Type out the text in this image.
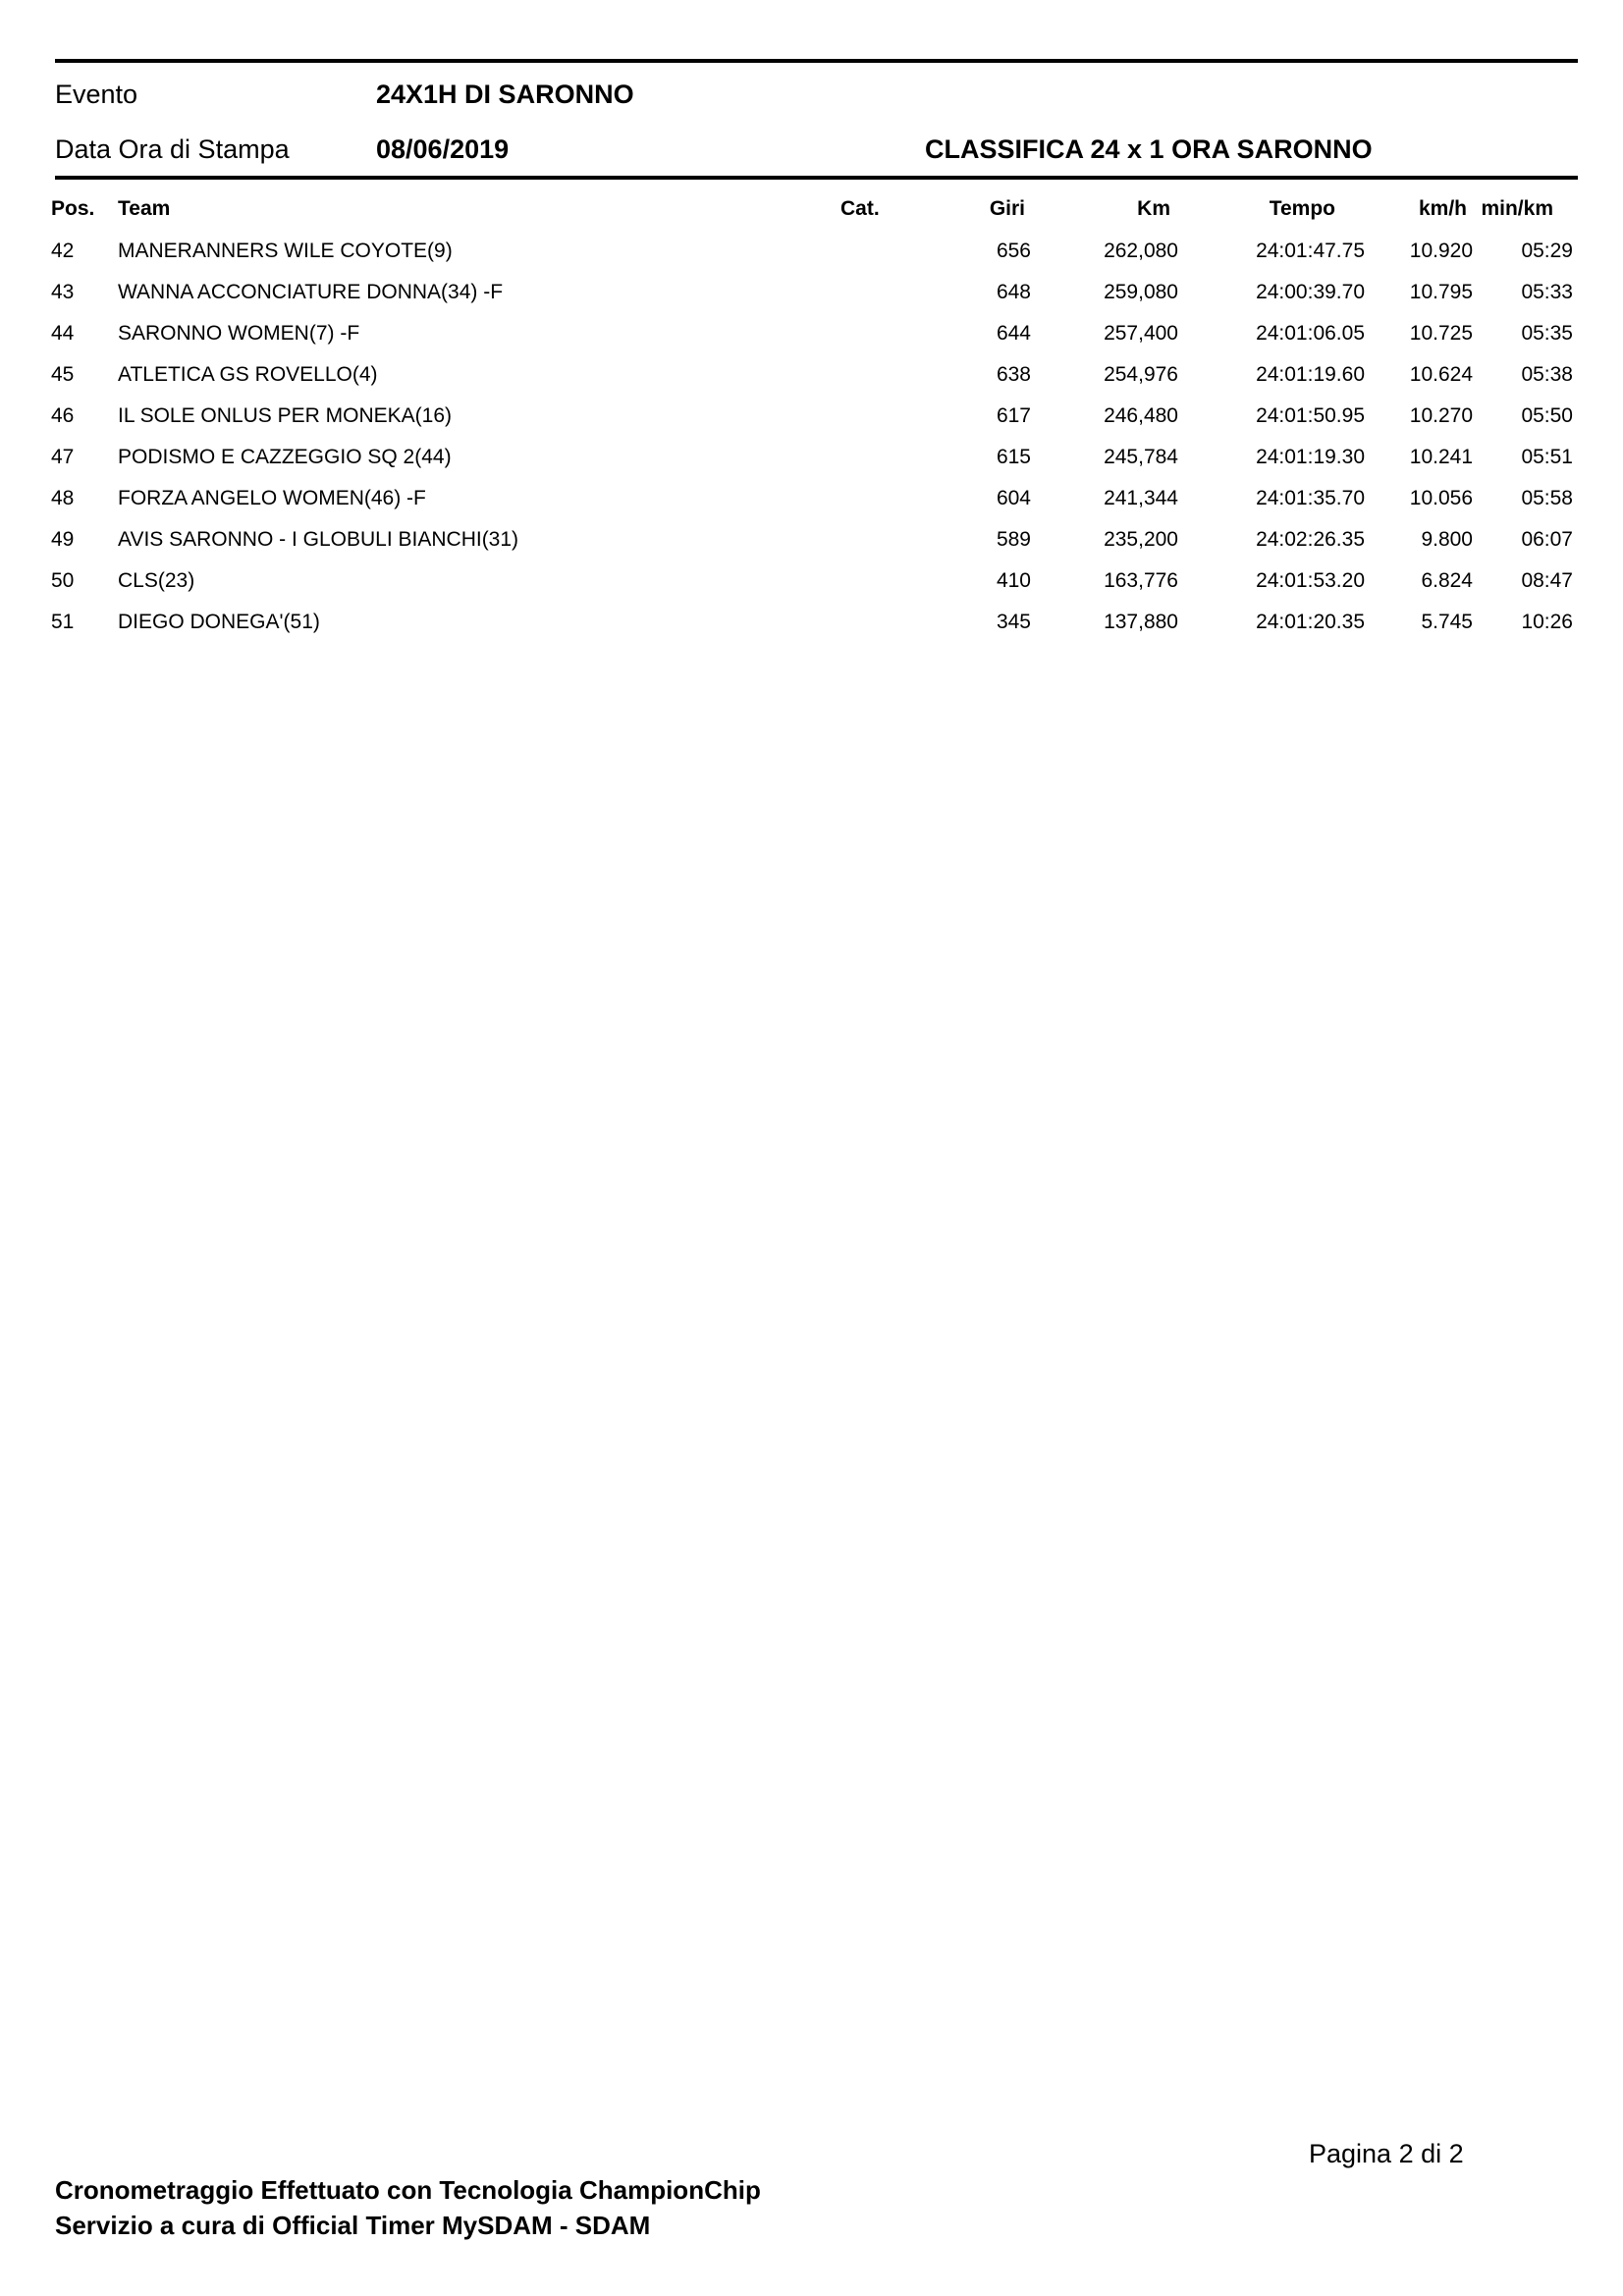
Evento	24X1H DI SARONNO
Data Ora di Stampa	08/06/2019	CLASSIFICA 24 x 1 ORA SARONNO
Pos. Team	Cat.	Giri	Km	Tempo	km/h min/km
42 MANERANNERS WILE COYOTE(9)	656	262,080	24:01:47.75	10.920	05:29
43 WANNA ACCONCIATURE DONNA(34) -F	648	259,080	24:00:39.70	10.795	05:33
44 SARONNO WOMEN(7) -F	644	257,400	24:01:06.05	10.725	05:35
45 ATLETICA GS ROVELLO(4)	638	254,976	24:01:19.60	10.624	05:38
46 IL SOLE ONLUS PER MONEKA(16)	617	246,480	24:01:50.95	10.270	05:50
47 PODISMO E CAZZEGGIO SQ 2(44)	615	245,784	24:01:19.30	10.241	05:51
48 FORZA ANGELO WOMEN(46) -F	604	241,344	24:01:35.70	10.056	05:58
49 AVIS SARONNO - I GLOBULI BIANCHI(31)	589	235,200	24:02:26.35	9.800	06:07
50 CLS(23)	410	163,776	24:01:53.20	6.824	08:47
51 DIEGO DONEGA'(51)	345	137,880	24:01:20.35	5.745	10:26
Cronometraggio Effettuato con Tecnologia ChampionChip
Servizio a cura di Official Timer MySDAM - SDAM
Pagina 2 di 2
